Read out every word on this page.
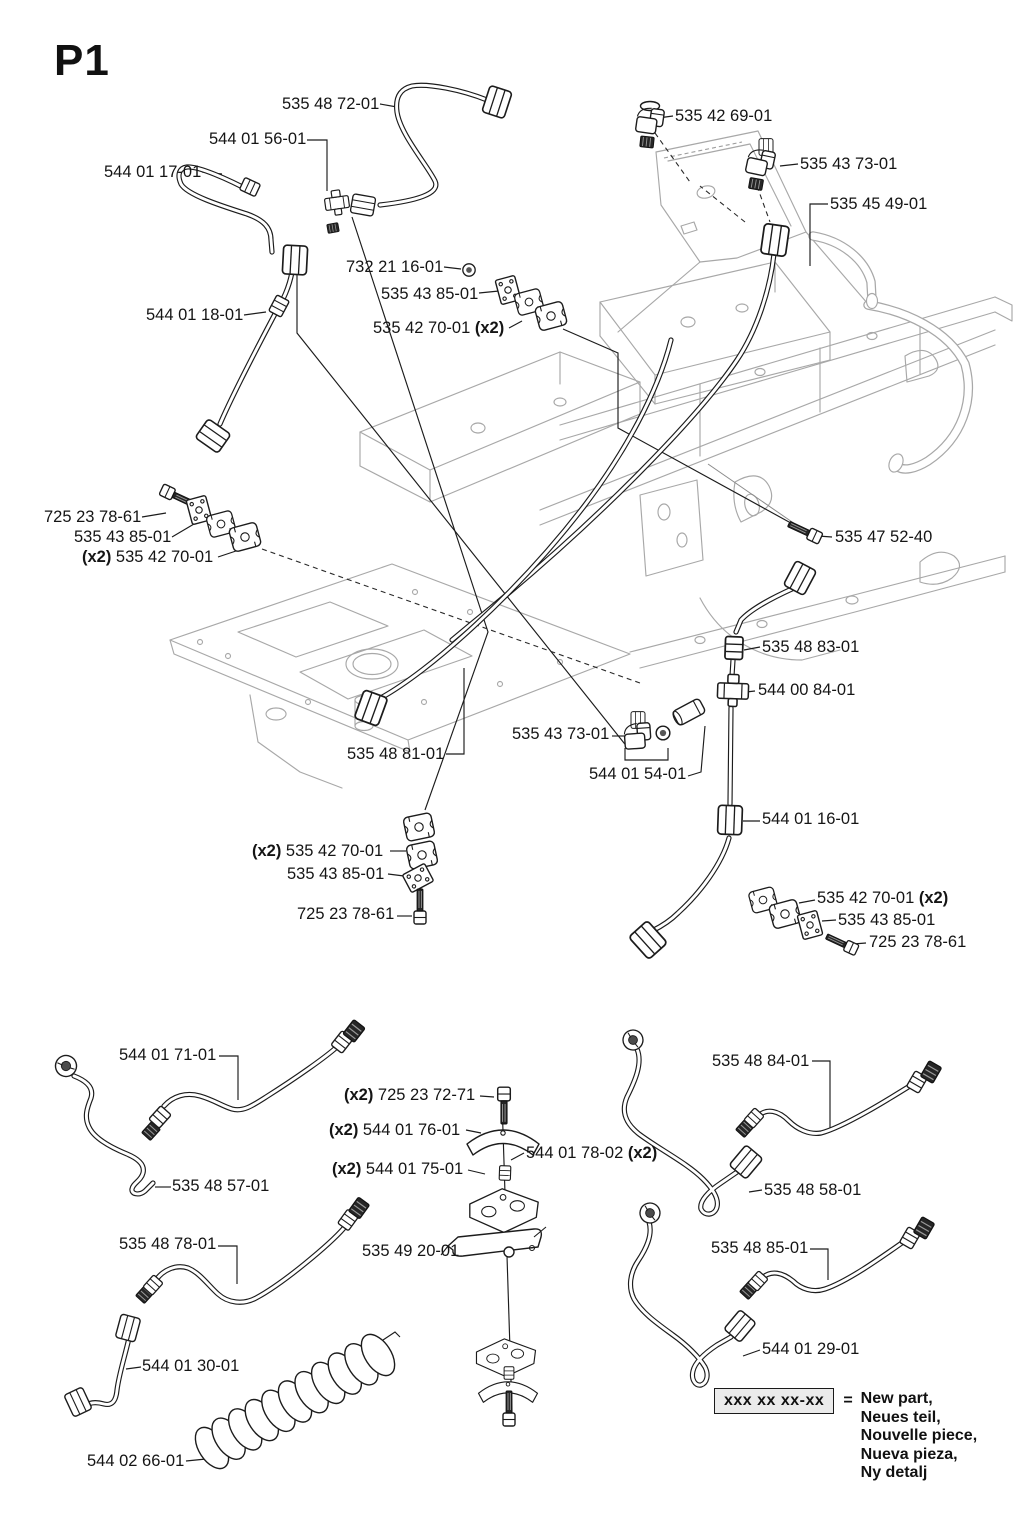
P1
535 48 72-01
544 01 56-01
544 01 17-01
535 42 69-01
535 43 73-01
535 45 49-01
732 21 16-01
535 43 85-01
535 42 70-01 (x2)
544 01 18-01
725 23 78-61
535 43 85-01
(x2) 535 42 70-01
535 47 52-40
535 48 83-01
544 00 84-01
535 43 73-01
544 01 54-01
535 48 81-01
544 01 16-01
(x2) 535 42 70-01
535 43 85-01
725 23 78-61
535 42 70-01 (x2)
535 43 85-01
725 23 78-61
544 01 71-01
535 48 57-01
535 48 78-01
544 01 30-01
544 02 66-01
(x2) 725 23 72-71
(x2) 544 01 76-01
544 01 78-02 (x2)
(x2) 544 01 75-01
535 49 20-01
535 48 84-01
535 48 58-01
535 48 85-01
544 01 29-01
xxx xx xx-xx	= New part,
Neues teil,
Nouvelle piece,
Nueva pieza,
Ny detalj
